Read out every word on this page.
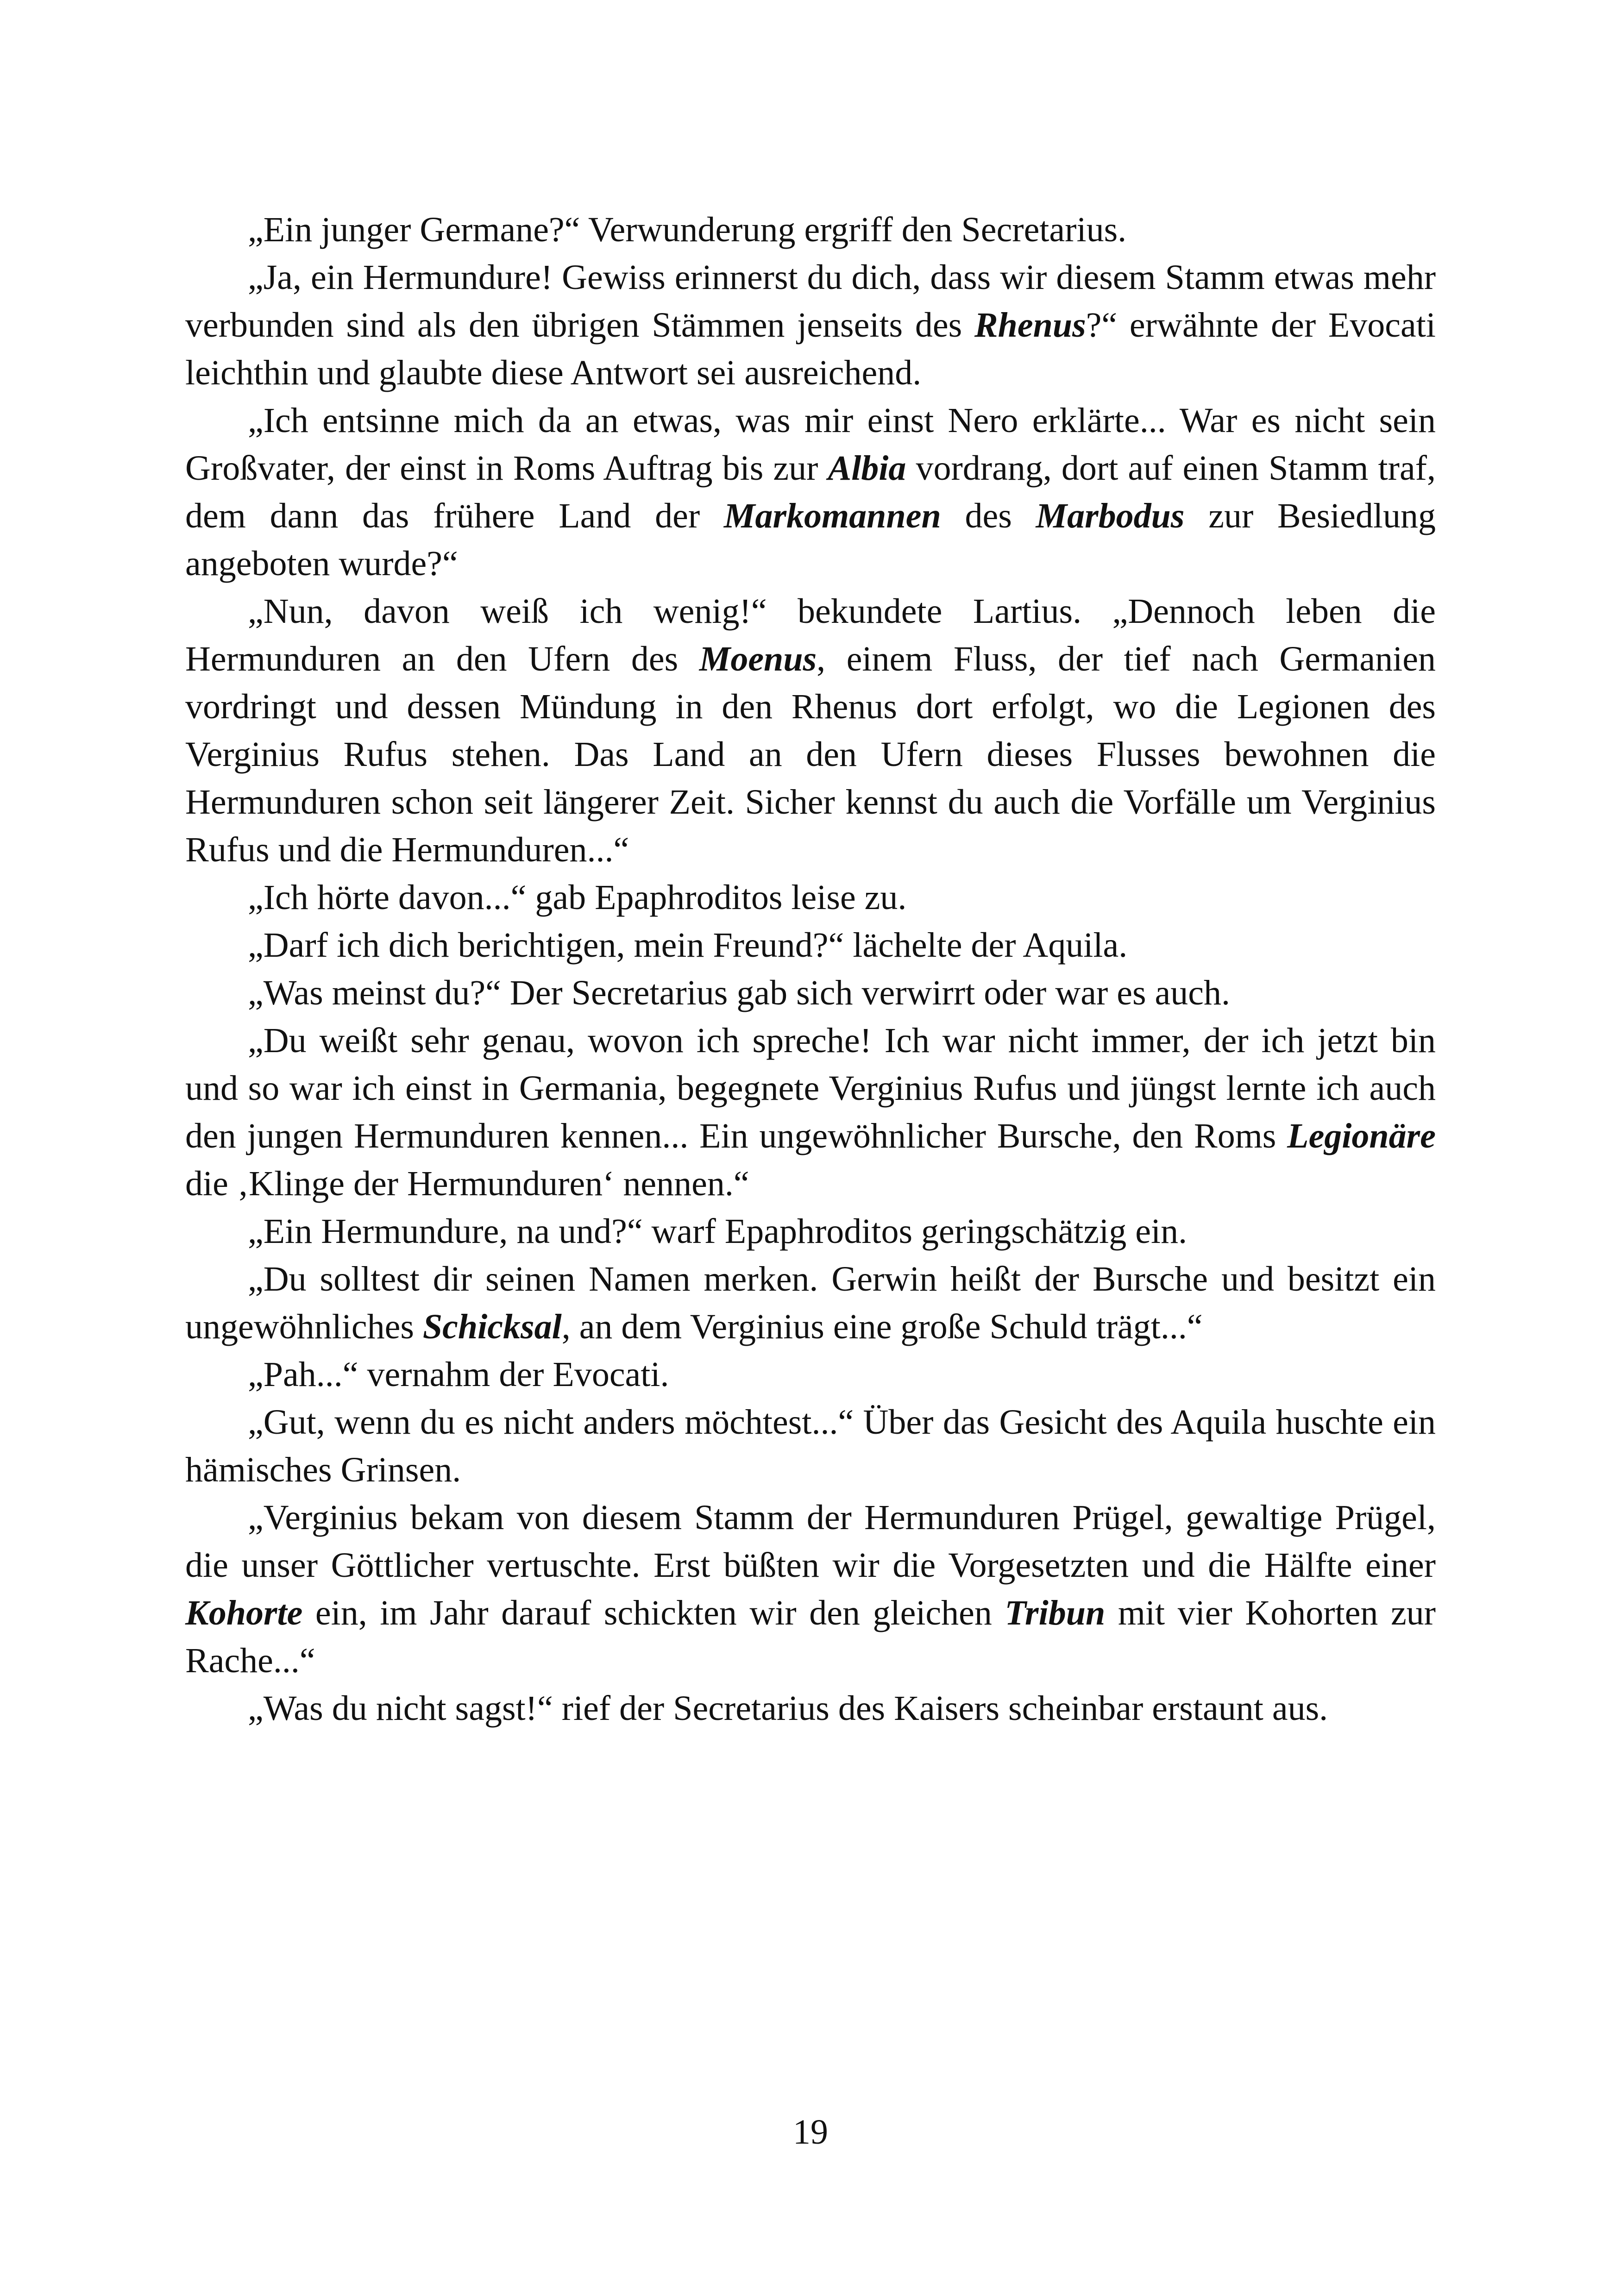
„Ein junger Germane?“ Verwunderung ergriff den Secretarius.

„Ja, ein Hermundure! Gewiss erinnerst du dich, dass wir diesem Stamm etwas mehr verbunden sind als den übrigen Stämmen jenseits des Rhenus?“ erwähnte der Evocati leichthin und glaubte diese Antwort sei ausreichend.

„Ich entsinne mich da an etwas, was mir einst Nero erklärte... War es nicht sein Großvater, der einst in Roms Auftrag bis zur Albia vordrang, dort auf einen Stamm traf, dem dann das frühere Land der Markomannen des Marbodus zur Besiedlung angeboten wurde?“

„Nun, davon weiß ich wenig!“ bekundete Lartius. „Dennoch leben die Hermunduren an den Ufern des Moenus, einem Fluss, der tief nach Germanien vordringt und dessen Mündung in den Rhenus dort erfolgt, wo die Legionen des Verginius Rufus stehen. Das Land an den Ufern dieses Flusses bewohnen die Hermunduren schon seit längerer Zeit. Sicher kennst du auch die Vorfälle um Verginius Rufus und die Hermunduren...“

„Ich hörte davon...“ gab Epaphroditos leise zu.

„Darf ich dich berichtigen, mein Freund?“ lächelte der Aquila.

„Was meinst du?“ Der Secretarius gab sich verwirrt oder war es auch.

„Du weißt sehr genau, wovon ich spreche! Ich war nicht immer, der ich jetzt bin und so war ich einst in Germania, begegnete Verginius Rufus und jüngst lernte ich auch den jungen Hermunduren kennen... Ein ungewöhnlicher Bursche, den Roms Legionäre die ‚Klinge der Hermunduren‘ nennen.“

„Ein Hermundure, na und?“ warf Epaphroditos geringschätzig ein.

„Du solltest dir seinen Namen merken. Gerwin heißt der Bursche und besitzt ein ungewöhnliches Schicksal, an dem Verginius eine große Schuld trägt...“

„Pah...“ vernahm der Evocati.

„Gut, wenn du es nicht anders möchtest...“ Über das Gesicht des Aquila huschte ein hämisches Grinsen.

„Verginius bekam von diesem Stamm der Hermunduren Prügel, gewaltige Prügel, die unser Göttlicher vertuschte. Erst büßten wir die Vorgesetzten und die Hälfte einer Kohorte ein, im Jahr darauf schickten wir den gleichen Tribun mit vier Kohorten zur Rache...“

„Was du nicht sagst!“ rief der Secretarius des Kaisers scheinbar erstaunt aus.

19
